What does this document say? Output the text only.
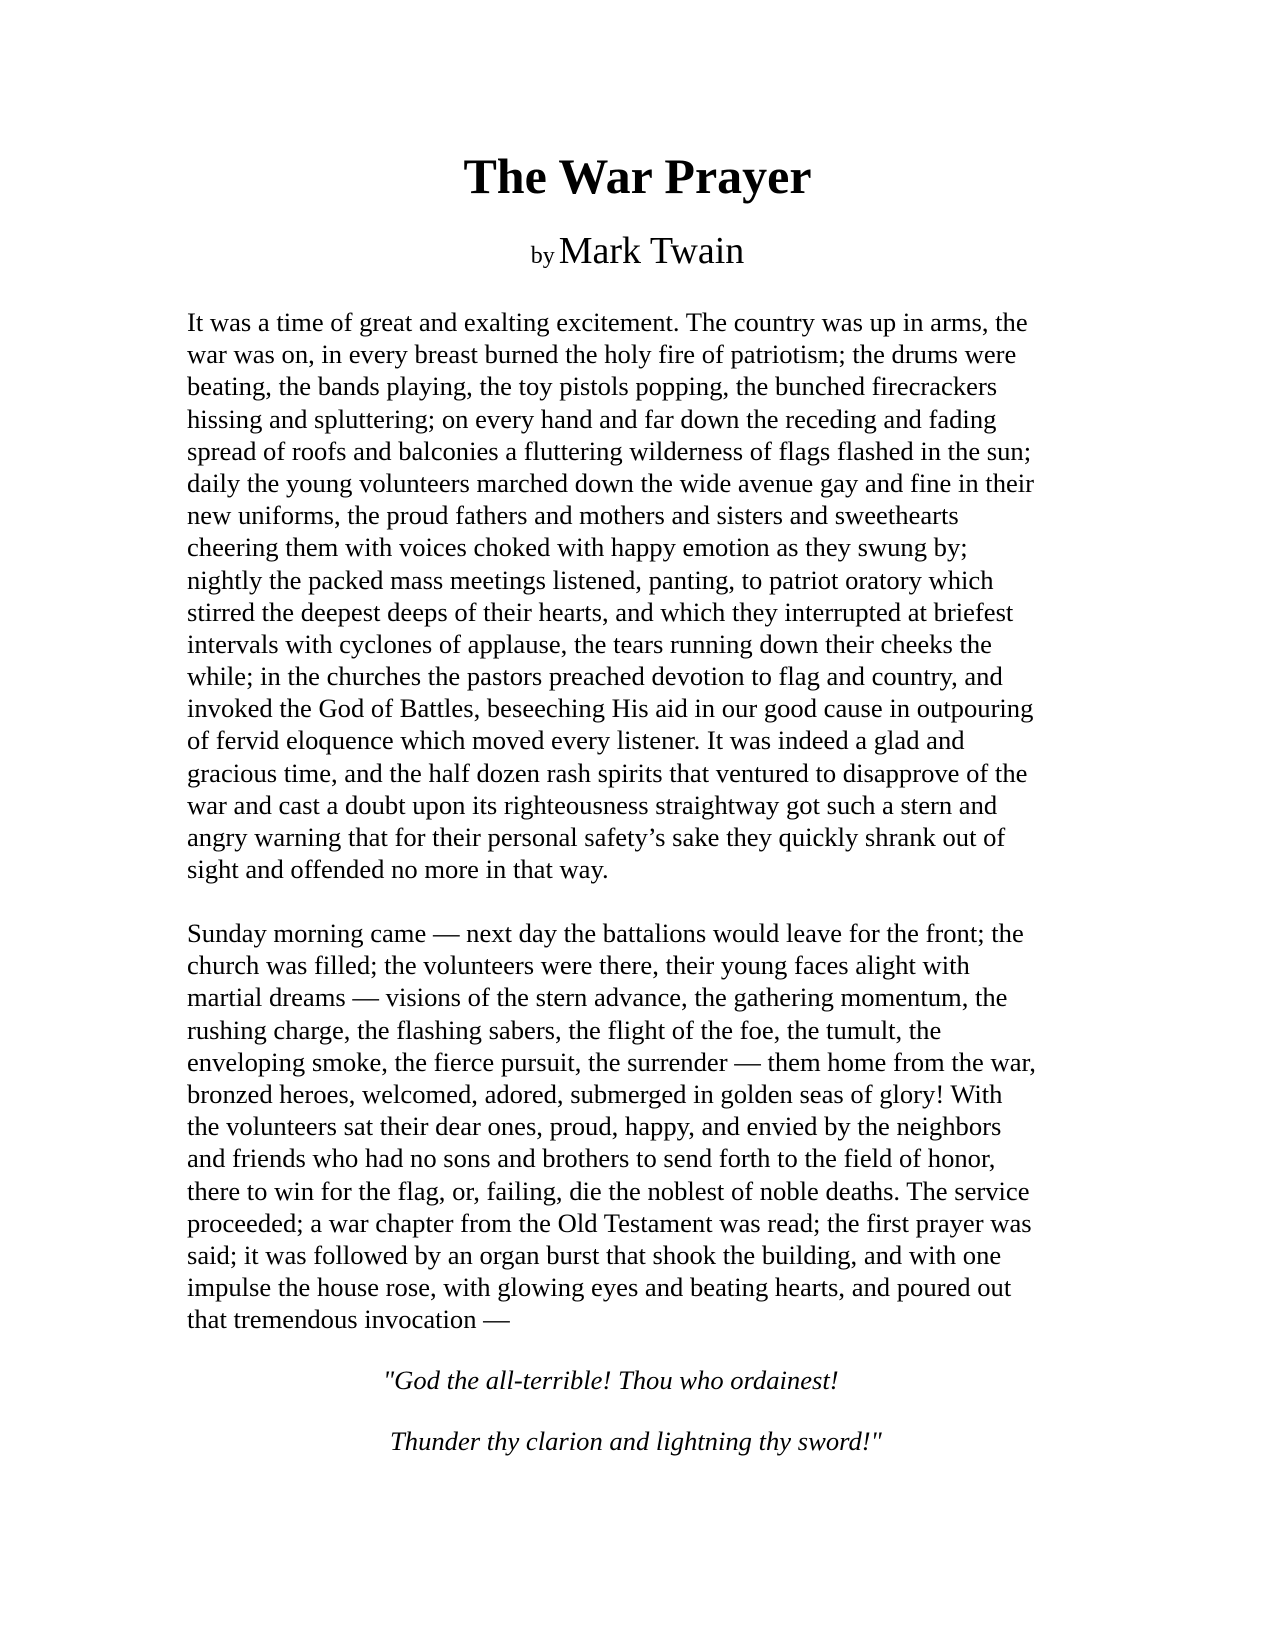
The War Prayer

by Mark Twain

It was a time of great and exalting excitement. The country was up in arms, the
war was on, in every breast burned the holy fire of patriotism; the drums were
beating, the bands playing, the toy pistols popping, the bunched firecrackers
hissing and spluttering; on every hand and far down the receding and fading
spread of roofs and balconies a fluttering wilderness of flags flashed in the sun;
daily the young volunteers marched down the wide avenue gay and fine in their
new uniforms, the proud fathers and mothers and sisters and sweethearts
cheering them with voices choked with happy emotion as they swung by;
nightly the packed mass meetings listened, panting, to patriot oratory which
stirred the deepest deeps of their hearts, and which they interrupted at briefest
intervals with cyclones of applause, the tears running down their cheeks the
while; in the churches the pastors preached devotion to flag and country, and
invoked the God of Battles, beseeching His aid in our good cause in outpouring
of fervid eloquence which moved every listener. It was indeed a glad and
gracious time, and the half dozen rash spirits that ventured to disapprove of the
war and cast a doubt upon its righteousness straightway got such a stern and
angry warning that for their personal safety’s sake they quickly shrank out of
sight and offended no more in that way.
Sunday morning came — next day the battalions would leave for the front; the
church was filled; the volunteers were there, their young faces alight with
martial dreams — visions of the stern advance, the gathering momentum, the
rushing charge, the flashing sabers, the flight of the foe, the tumult, the
enveloping smoke, the fierce pursuit, the surrender — them home from the war,
bronzed heroes, welcomed, adored, submerged in golden seas of glory! With
the volunteers sat their dear ones, proud, happy, and envied by the neighbors
and friends who had no sons and brothers to send forth to the field of honor,
there to win for the flag, or, failing, die the noblest of noble deaths. The service
proceeded; a war chapter from the Old Testament was read; the first prayer was
said; it was followed by an organ burst that shook the building, and with one
impulse the house rose, with glowing eyes and beating hearts, and poured out
that tremendous invocation —

"God the all-terrible! Thou who ordainest!

Thunder thy clarion and lightning thy sword!"
